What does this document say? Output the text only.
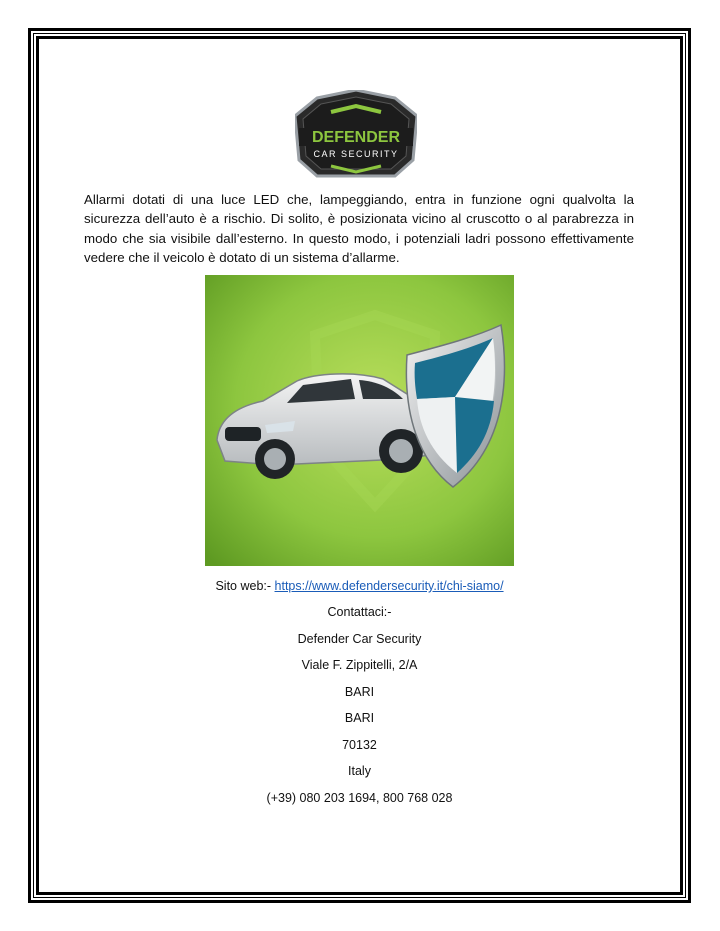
DEFENDER
CAR SECURITY

Allarmi dotati di una luce LED che, lampeggiando, entra in funzione ogni qualvolta la sicurezza dell’auto è a rischio. Di solito, è posizionata vicino al cruscotto o al parabrezza in modo che sia visibile dall’esterno. In questo modo, i potenziali ladri possono effettivamente vedere che il veicolo è dotato di un sistema d’allarme.

Sito web:- https://www.defendersecurity.it/chi-siamo/

Contattaci:-

Defender Car Security

Viale F. Zippitelli, 2/A

BARI

BARI

70132

Italy

(+39) 080 203 1694, 800 768 028
